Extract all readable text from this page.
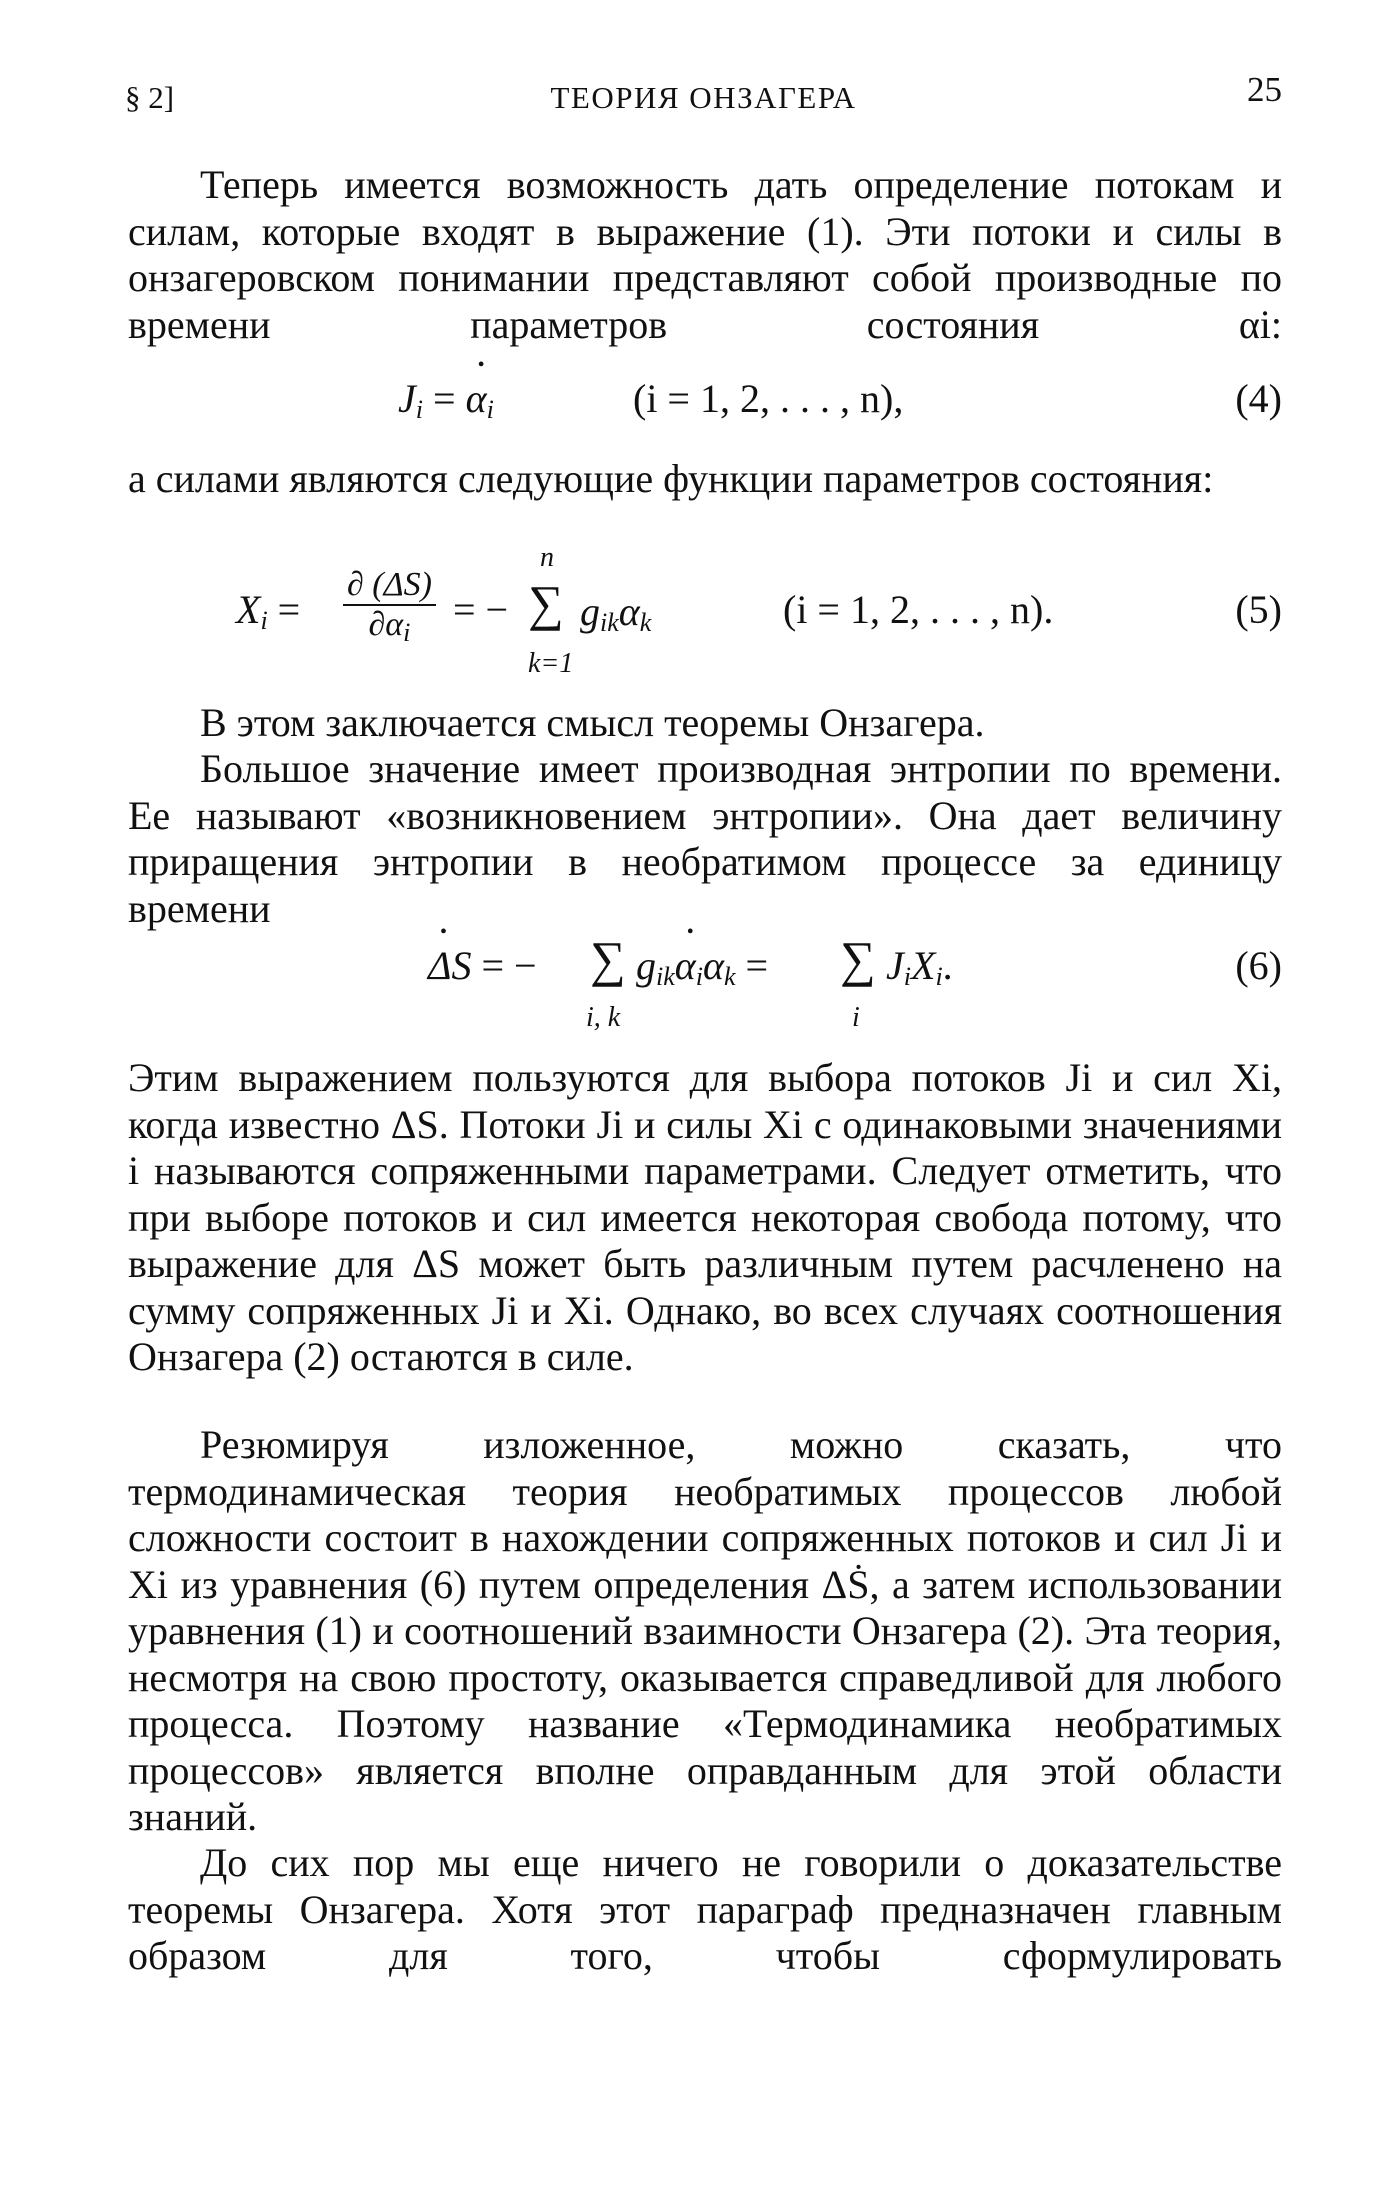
§ 2]	ТЕОРИЯ ОНЗАГЕРА	25
Теперь имеется возможность дать определение потокам и силам, которые входят в выражение (1). Эти потоки и силы в онзагеровском понимании представляют собой производные по времени параметров состояния αi:
$J_i$ = • $\alpha_i$	(i = 1, 2, . . . , n),	(4)
а силами являются следующие функции параметров состояния:
$X_i = \frac{\partial (\Delta S)}{\partial\alpha_i}$ = −
n
∑
k=1
$g_{ik}\alpha_k$	(i = 1, 2, . . . , n).	(5)
В этом заключается смысл теоремы Онзагера.
Большое значение имеет производная энтропии по времени. Ее называют «возникновением энтропии». Она дает величину приращения энтропии в необратимом процессе за единицу времени
• ΔS = − ∑
i, k
$g_{ik}•$ $\alpha_i\alpha_k$ = ∑
i
$J_iX_i$.	(6)
Этим выражением пользуются для выбора потоков Ji и сил Xi, когда известно ΔS. Потоки Ji и силы Xi с одинаковыми значениями i называются сопряженными параметрами. Следует отметить, что при выборе потоков и сил имеется некоторая свобода потому, что выражение для ΔS может быть различным путем расчленено на сумму сопряженных Ji и Xi. Однако, во всех случаях соотношения Онзагера (2) остаются в силе.
Резюмируя изложенное, можно сказать, что термодинамическая теория необратимых процессов любой сложности состоит в нахождении сопряженных потоков и сил Ji и Xi из уравнения (6) путем определения ΔṠ, а затем использовании уравнения (1) и соотношений взаимности Онзагера (2). Эта теория, несмотря на свою простоту, оказывается справедливой для любого процесса. Поэтому название «Термодинамика необратимых процессов» является вполне оправданным для этой области знаний.
До сих пор мы еще ничего не говорили о доказательстве теоремы Онзагера. Хотя этот параграф предназначен главным образом для того, чтобы сформулировать
